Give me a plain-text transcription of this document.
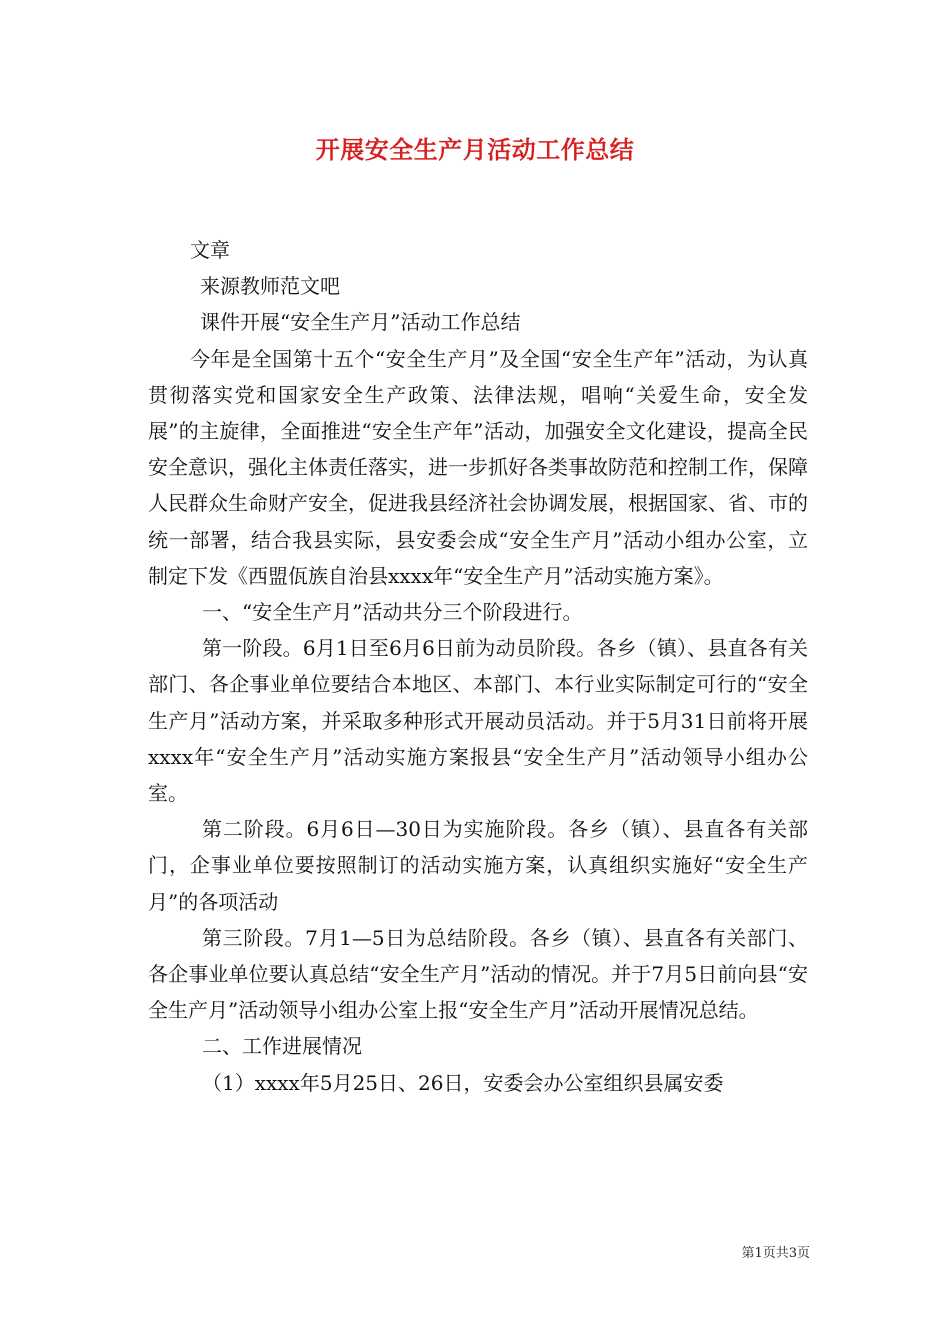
开展安全生产月活动工作总结

文章

来源教师范文吧

课件开展“安全生产月”活动工作总结

今年是全国第十五个“安全生产月”及全国“安全生产年”活动，为认真贯彻落实党和国家安全生产政策、法律法规，唱响“关爱生命，安全发展”的主旋律，全面推进“安全生产年”活动，加强安全文化建设，提高全民安全意识，强化主体责任落实，进一步抓好各类事故防范和控制工作，保障人民群众生命财产安全，促进我县经济社会协调发展，根据国家、省、市的统一部署，结合我县实际，县安委会成“安全生产月”活动小组办公室，立制定下发《西盟佤族自治县xxxx年“安全生产月”活动实施方案》。

一、“安全生产月”活动共分三个阶段进行。

第一阶段。6月1日至6月6日前为动员阶段。各乡（镇）、县直各有关部门、各企事业单位要结合本地区、本部门、本行业实际制定可行的“安全生产月”活动方案，并采取多种形式开展动员活动。并于5月31日前将开展xxxx年“安全生产月”活动实施方案报县“安全生产月”活动领导小组办公室。

第二阶段。6月6日—30日为实施阶段。各乡（镇）、县直各有关部门，企事业单位要按照制订的活动实施方案，认真组织实施好“安全生产月”的各项活动

第三阶段。7月1—5日为总结阶段。各乡（镇）、县直各有关部门、各企事业单位要认真总结“安全生产月”活动的情况。并于7月5日前向县“安全生产月”活动领导小组办公室上报“安全生产月”活动开展情况总结。

二、工作进展情况

（1）xxxx年5月25日、26日，安委会办公室组织县属安委

第1页共3页
